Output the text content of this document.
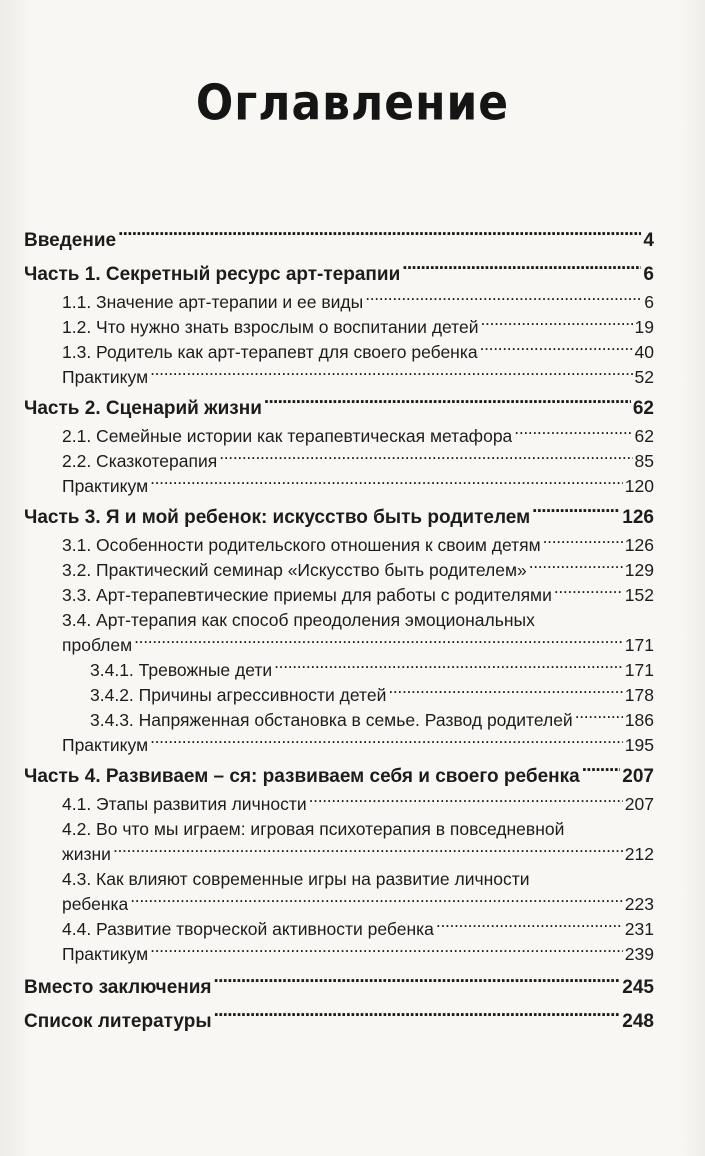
Оглавление
Введение . . .	4
Часть 1. Секретный ресурс арт-терапии . . .	6
1.1. Значение арт-терапии и ее виды . . .	6
1.2. Что нужно знать взрослым о воспитании детей . . .	19
1.3. Родитель как арт-терапевт для своего ребенка . . .	40
Практикум . . .	52
Часть 2. Сценарий жизни . . .	62
2.1. Семейные истории как терапевтическая метафора . . .	62
2.2. Сказкотерапия . . .	85
Практикум . . .	120
Часть 3. Я и мой ребенок: искусство быть родителем . . .	126
3.1. Особенности родительского отношения к своим детям . . .	126
3.2. Практический семинар «Искусство быть родителем» . . .	129
3.3. Арт-терапевтические приемы для работы с родителями . . .	152
3.4. Арт-терапия как способ преодоления эмоциональных
проблем . . .	171
3.4.1. Тревожные дети . . .	171
3.4.2. Причины агрессивности детей . . .	178
3.4.3. Напряженная обстановка в семье. Развод родителей . . .	186
Практикум . . .	195
Часть 4. Развиваем – ся: развиваем себя и своего ребенка . . . 207
4.1. Этапы развития личности . . .	207
4.2. Во что мы играем: игровая психотерапия в повседневной
жизни . . .	212
4.3. Как влияют современные игры на развитие личности
ребенка . . .	223
4.4. Развитие творческой активности ребенка . . .	231
Практикум . . .	239
Вместо заключения . . .	245
Список литературы . . .	248
